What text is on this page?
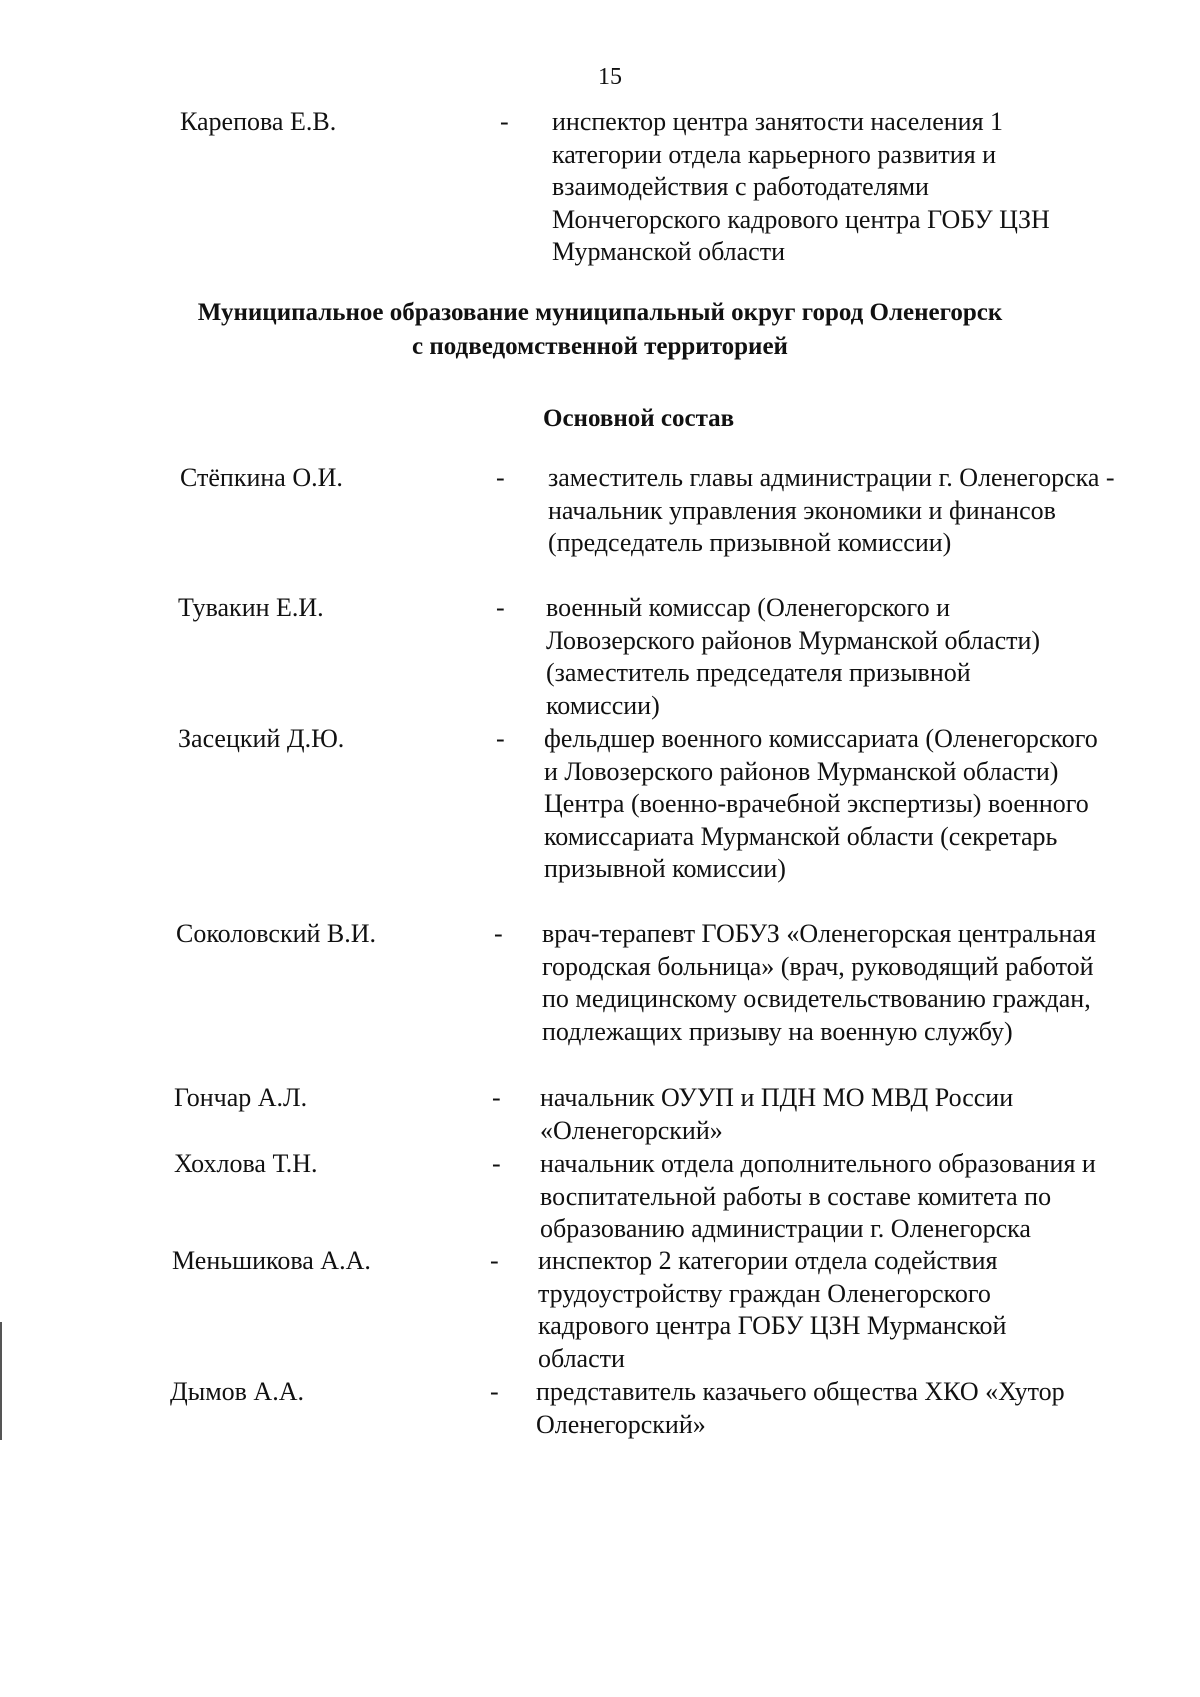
15
Карепова Е.В.	- инспектор центра занятости населения 1 категории отдела карьерного развития и взаимодействия с работодателями Мончегорского кадрового центра ГОБУ ЦЗН Мурманской области
Муниципальное образование муниципальный округ город Оленегорск
с подведомственной территорией
Основной состав
Стёпкина О.И.	- заместитель главы администрации г. Оленегорска - начальник управления экономики и финансов (председатель призывной комиссии)
Тувакин Е.И.	- военный комиссар (Оленегорского и Ловозерского районов Мурманской области) (заместитель председателя призывной комиссии)
Засецкий Д.Ю.	- фельдшер военного комиссариата (Оленегорского и Ловозерского районов Мурманской области) Центра (военно-врачебной экспертизы) военного комиссариата Мурманской области (секретарь призывной комиссии)
Соколовский В.И.	- врач-терапевт ГОБУЗ «Оленегорская центральная городская больница» (врач, руководящий работой по медицинскому освидетельствованию граждан, подлежащих призыву на военную службу)
Гончар А.Л.	- начальник ОУУП и ПДН МО МВД России «Оленегорский»
Хохлова Т.Н.	- начальник отдела дополнительного образования и воспитательной работы в составе комитета по образованию администрации г. Оленегорска
Меньшикова А.А.	- инспектор 2 категории отдела содействия трудоустройству граждан Оленегорского кадрового центра ГОБУ ЦЗН Мурманской области
Дымов А.А.	- представитель казачьего общества ХКО «Хутор Оленегорский»
